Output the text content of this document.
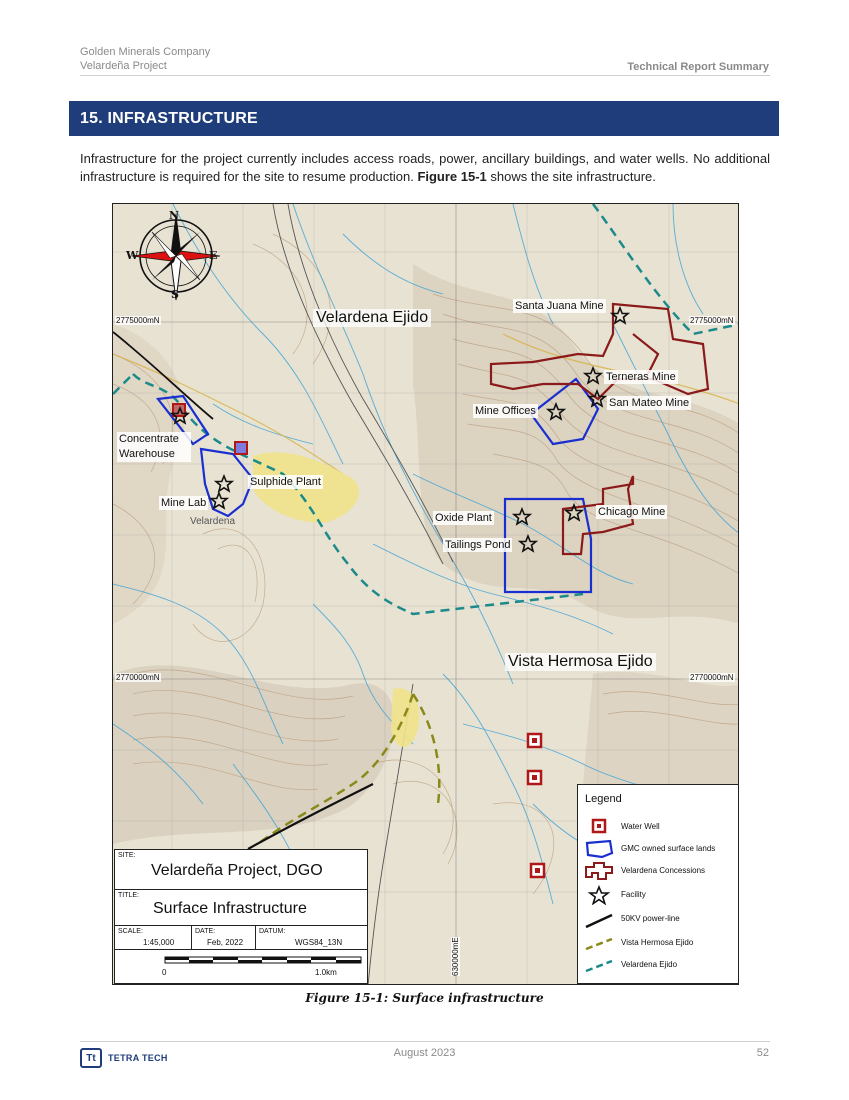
Golden Minerals Company
Velardeña Project	Technical Report Summary
15. INFRASTRUCTURE

Infrastructure for the project currently includes access roads, power, ancillary buildings, and water wells. No additional infrastructure is required for the site to resume production. Figure 15-1 shows the site infrastructure.

N
S
W	E
2775000mN	2775000mN
2770000mN	2770000mN
630000mE
Velardena Ejido
Vista Hermosa Ejido
Santa Juana Mine
Terneras Mine
San Mateo Mine
Mine Offices
Concentrate Warehouse
Sulphide Plant
Mine Lab
Oxide Plant	Chicago Mine
Tailings Pond
Velardena
SITE:
Velardeña Project, DGO
TITLE:
Surface Infrastructure
SCALE:
1:45,000
DATE:
Feb, 2022
DATUM:
WGS84_13N
0	1.0km
Legend
Water Well
GMC owned surface lands
Velardena Concessions
Facility
50KV power-line
Vista Hermosa Ejido
Velardena Ejido
Figure 15-1: Surface infrastructure
Tt	TETRA TECH	August 2023	52
